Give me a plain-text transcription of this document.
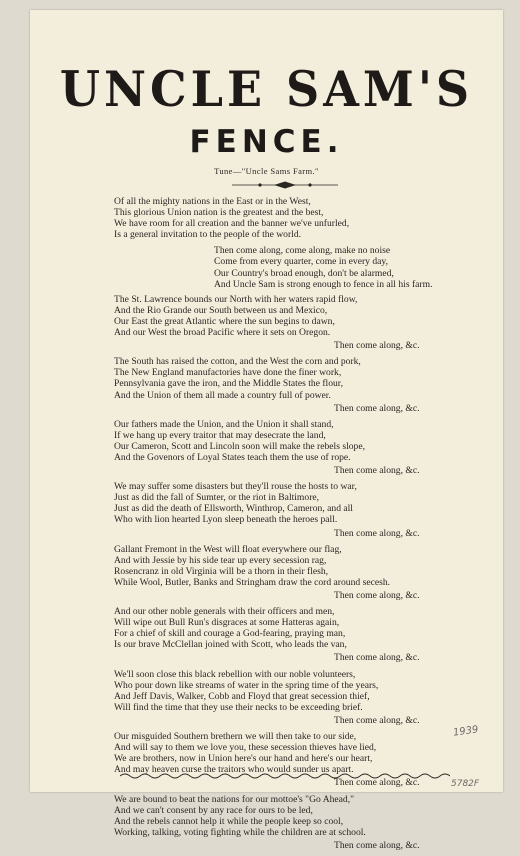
UNCLE SAM'S
FENCE.
Tune—"Uncle Sams Farm."
Of all the mighty nations in the East or in the West,
This glorious Union nation is the greatest and the best,
We have room for all creation and the banner we've unfurled,
Is a general invitation to the people of the world.
Then come along, come along, make no noise
Come from every quarter, come in every day,
Our Country's broad enough, don't be alarmed,
And Uncle Sam is strong enough to fence in all his farm.
The St. Lawrence bounds our North with her waters rapid flow,
And the Rio Grande our South between us and Mexico,
Our East the great Atlantic where the sun begins to dawn,
And our West the broad Pacific where it sets on Oregon.
Then come along, &c.
The South has raised the cotton, and the West the corn and pork,
The New England manufactories have done the finer work,
Pennsylvania gave the iron, and the Middle States the flour,
And the Union of them all made a country full of power.
Then come along, &c.
Our fathers made the Union, and the Union it shall stand,
If we hang up every traitor that may desecrate the land,
Our Cameron, Scott and Lincoln soon will make the rebels slope,
And the Govenors of Loyal States teach them the use of rope.
Then come along, &c.
We may suffer some disasters but they'll rouse the hosts to war,
Just as did the fall of Sumter, or the riot in Baltimore,
Just as did the death of Ellsworth, Winthrop, Cameron, and all
Who with lion hearted Lyon sleep beneath the heroes pall.
Then come along, &c.
Gallant Fremont in the West will float everywhere our flag,
And with Jessie by his side tear up every secession rag,
Rosencranz in old Virginia will be a thorn in their flesh,
While Wool, Butler, Banks and Stringham draw the cord around secesh.
Then come along, &c.
And our other noble generals with their officers and men,
Will wipe out Bull Run's disgraces at some Hatteras again,
For a chief of skill and courage a God-fearing, praying man,
Is our brave McClellan joined with Scott, who leads the van,
Then come along, &c.
We'll soon close this black rebellion with our noble volunteers,
Who pour down like streams of water in the spring time of the years,
And Jeff Davis, Walker, Cobb and Floyd that great secession thief,
Will find the time that they use their necks to be exceeding brief.
Then come along, &c.
Our misguided Southern brethern we will then take to our side,
And will say to them we love you, these secession thieves have lied,
We are brothers, now in Union here's our hand and here's our heart,
And may heaven curse the traitors who would sunder us apart.
Then come along, &c.
We are bound to beat the nations for our mottoe's "Go Ahead,"
And we can't consent by any race for ours to be led,
And the rebels cannot help it while the people keep so cool,
Working, talking, voting fighting while the children are at school.
Then come along, &c.
1939
5782F
